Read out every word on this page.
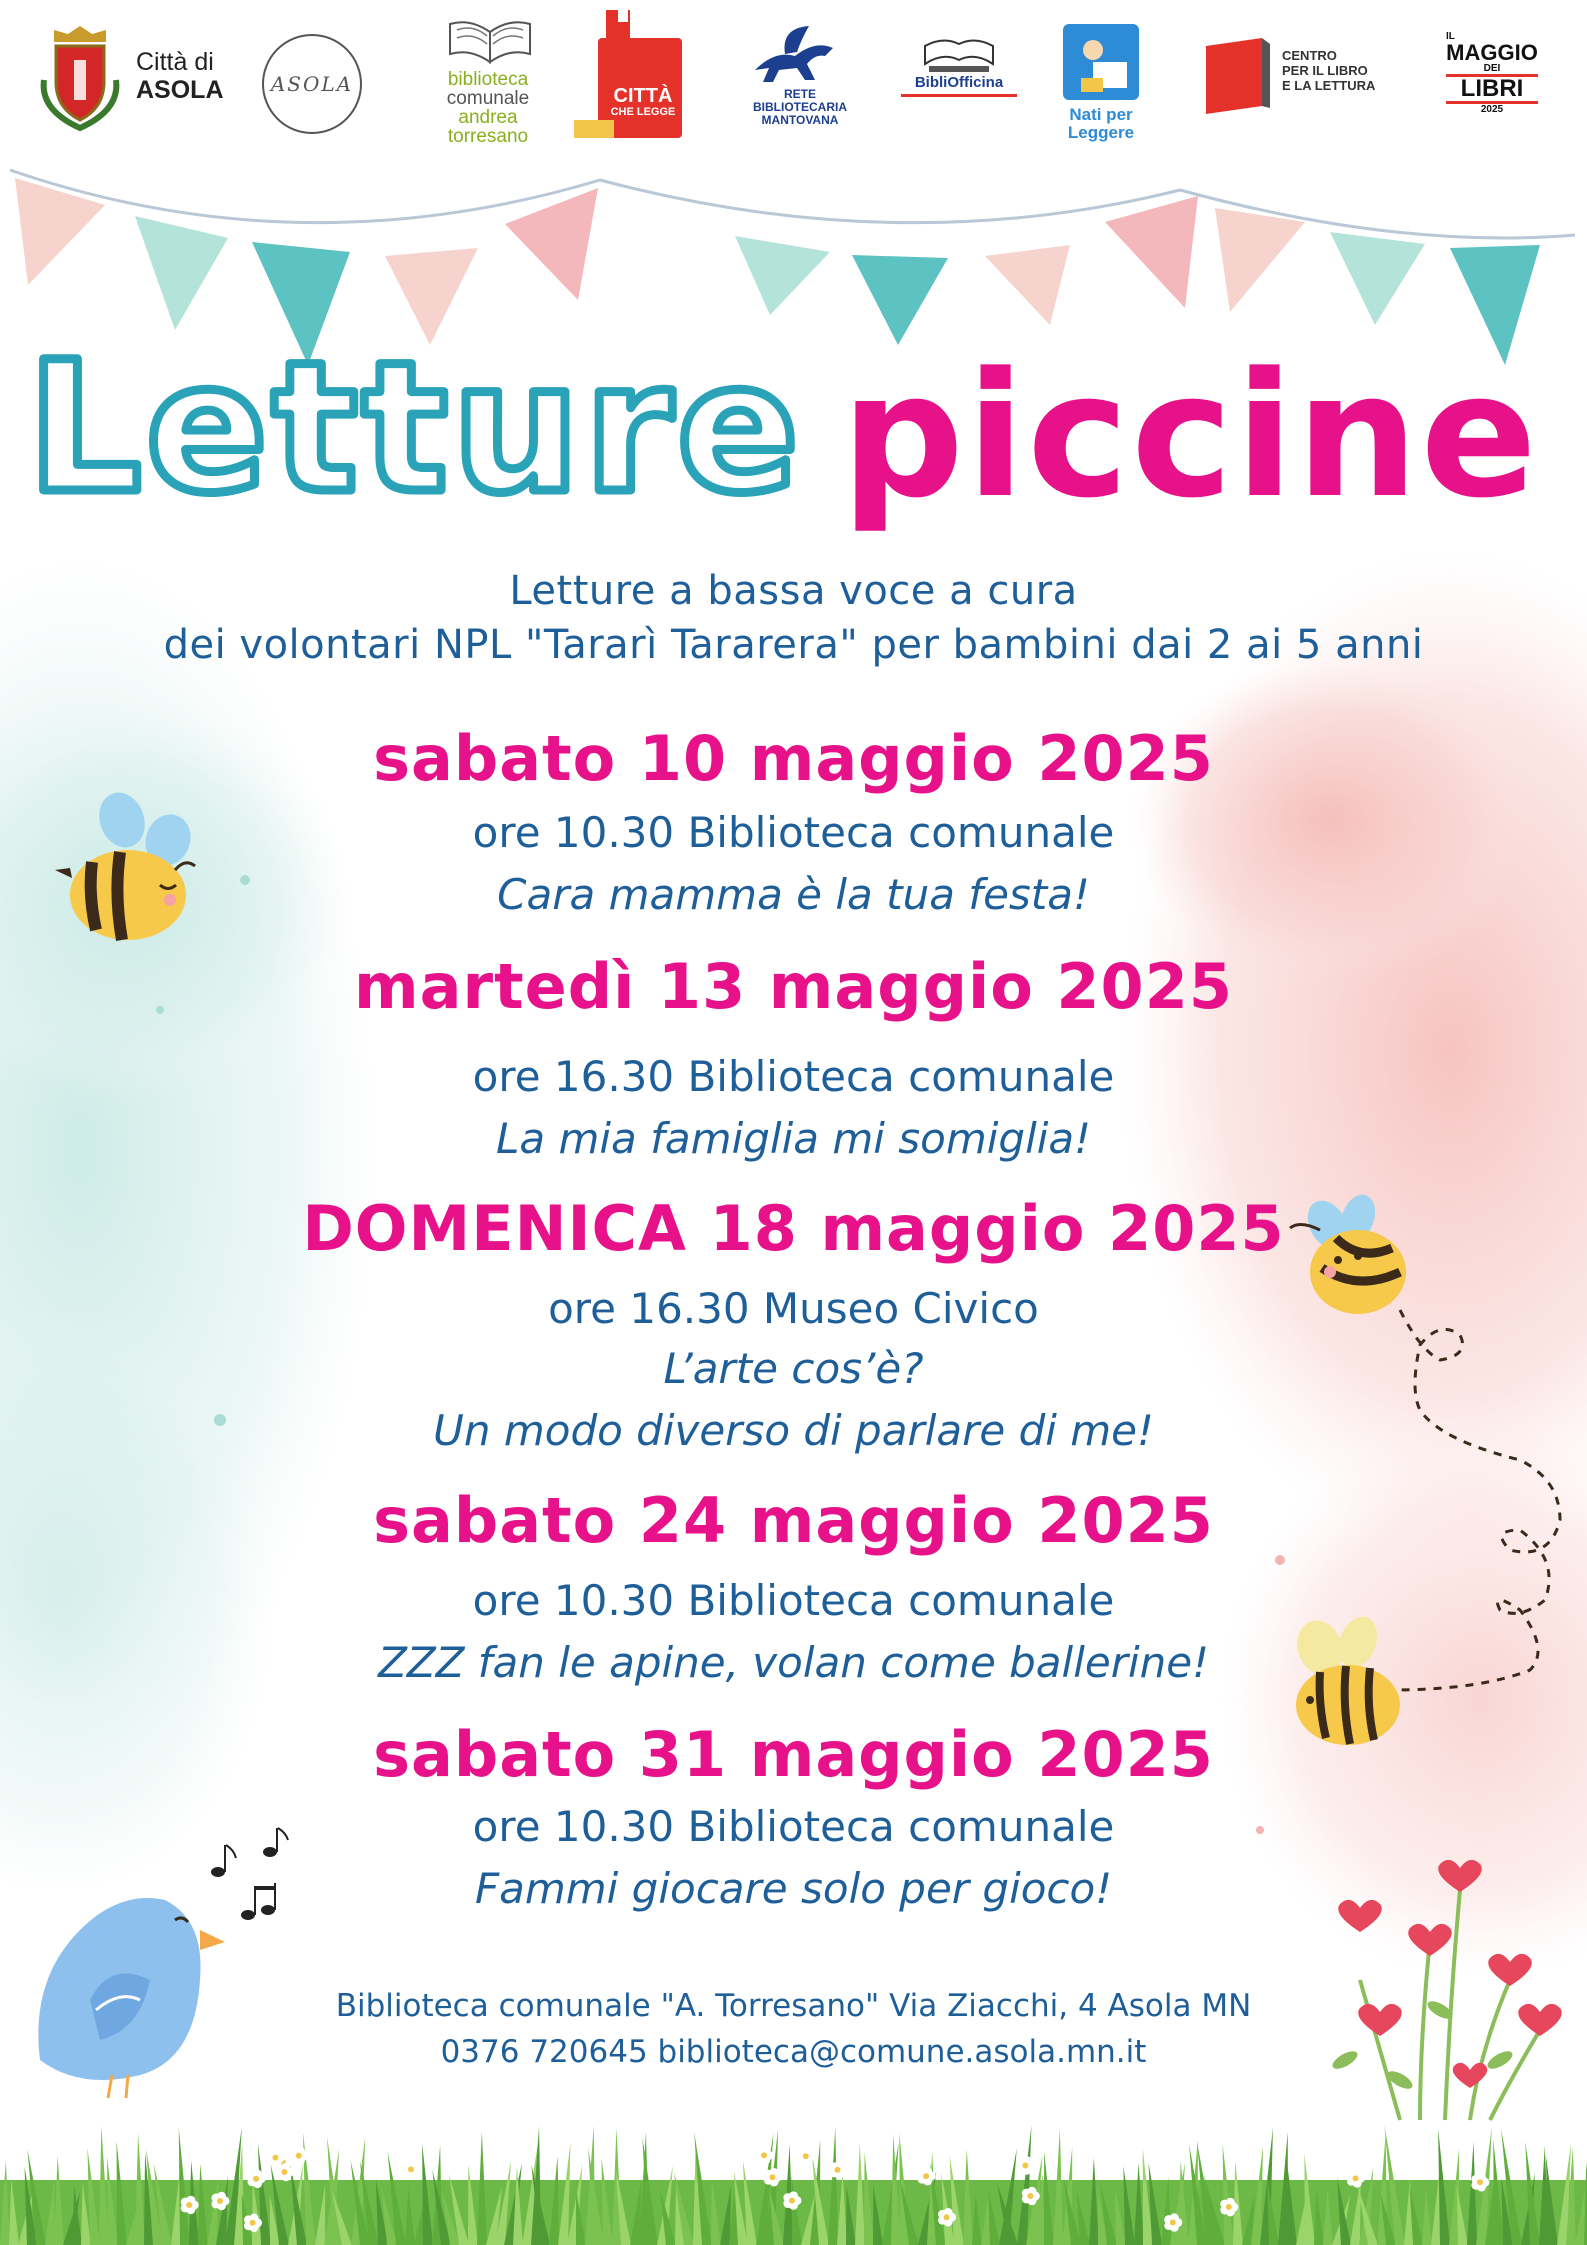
Città di
ASOLA	ASOLA	biblioteca
comunale
andrea
torresano
CITTÀ
CHE LEGGE
RETE
BIBLIOTECARIA
MANTOVANA
BibliOfficina
Nati per
Leggere
CENTRO
PER IL LIBRO
E LA LETTURA
IL
MAGGIO
DEI
LIBRI
2025
Letture piccine
Letture a bassa voce a cura
dei volontari NPL "Tararì Tararera" per bambini dai 2 ai 5 anni
sabato 10 maggio 2025
ore 10.30 Biblioteca comunale
Cara mamma è la tua festa!
martedì 13 maggio 2025
ore 16.30 Biblioteca comunale
La mia famiglia mi somiglia!
DOMENICA 18 maggio 2025
ore 16.30 Museo Civico
L’arte cos’è?
Un modo diverso di parlare di me!
sabato 24 maggio 2025
ore 10.30 Biblioteca comunale
ZZZ fan le apine, volan come ballerine!
sabato 31 maggio 2025
ore 10.30 Biblioteca comunale
Fammi giocare solo per gioco!
Biblioteca comunale "A. Torresano" Via Ziacchi, 4 Asola MN
0376 720645 biblioteca@comune.asola.mn.it
